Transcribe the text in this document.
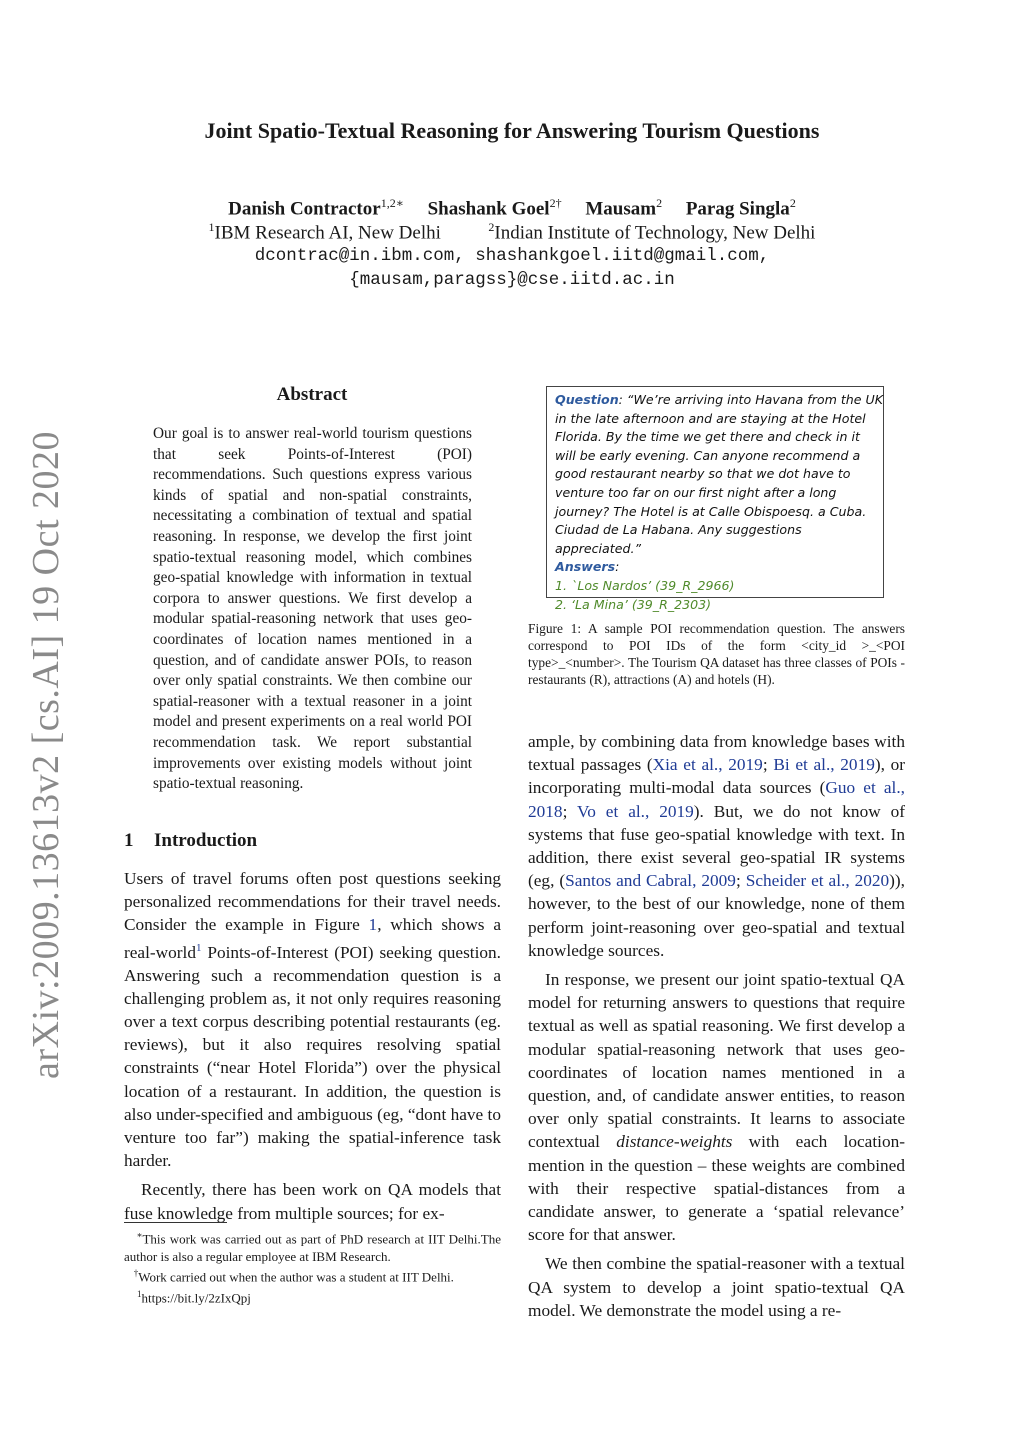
arXiv:2009.13613v2 [cs.AI] 19 Oct 2020
Joint Spatio-Textual Reasoning for Answering Tourism Questions
Danish Contractor$^{1,2∗}$ Shashank Goel$^{2\dagger}$ Mausam$^2$ Parag Singla$^2$
$^1$IBM Research AI, New Delhi	$^2$Indian Institute of Technology, New Delhi
dcontrac@in.ibm.com, shashankgoel.iitd@gmail.com,
{mausam,paragss}@cse.iitd.ac.in
Abstract
Our goal is to answer real-world tourism questions that seek Points-of-Interest (POI) recommendations. Such questions express various kinds of spatial and non-spatial constraints, necessitating a combination of textual and spatial reasoning. In response, we develop the first joint spatio-textual reasoning model, which combines geo-spatial knowledge with information in textual corpora to answer questions. We first develop a modular spatial-reasoning network that uses geo-coordinates of location names mentioned in a question, and of candidate answer POIs, to reason over only spatial constraints. We then combine our spatial-reasoner with a textual reasoner in a joint model and present experiments on a real world POI recommendation task. We report substantial improvements over existing models without joint spatio-textual reasoning.
1 Introduction

Users of travel forums often post questions seeking personalized recommendations for their travel needs. Consider the example in Figure 1, which shows a real-world$^1$ Points-of-Interest (POI) seeking question. Answering such a recommendation question is a challenging problem as, it not only requires reasoning over a text corpus describing potential restaurants (eg. reviews), but it also requires resolving spatial constraints (“near Hotel Florida”) over the physical location of a restaurant. In addition, the question is also under-specified and ambiguous (eg, “dont have to venture too far”) making the spatial-inference task harder.

Recently, there has been work on QA models that fuse knowledge from multiple sources; for ex-

∗This work was carried out as part of PhD research at IIT Delhi.The author is also a regular employee at IBM Research.
†Work carried out when the author was a student at IIT Delhi.
$^1$https://bit.ly/2zIxQpj
Question: “We’re arriving into Havana from the UK in the late afternoon and are staying at the Hotel Florida. By the time we get there and check in it will be early evening. Can anyone recommend a good restaurant nearby so that we dot have to venture too far on our first night after a long journey? The Hotel is at Calle Obispoesq. a Cuba. Ciudad de La Habana. Any suggestions appreciated.”
Answers:
1. `Los Nardos’ (39_R_2966)
2. ‘La Mina’ (39_R_2303)
Figure 1: A sample POI recommendation question. The answers correspond to POI IDs of the form <city_id >_<POI type>_<number>. The Tourism QA dataset has three classes of POIs - restaurants (R), attractions (A) and hotels (H).

ample, by combining data from knowledge bases with textual passages (Xia et al., 2019; Bi et al., 2019), or incorporating multi-modal data sources (Guo et al., 2018; Vo et al., 2019). But, we do not know of systems that fuse geo-spatial knowledge with text. In addition, there exist several geo-spatial IR systems (eg, (Santos and Cabral, 2009; Scheider et al., 2020)), however, to the best of our knowledge, none of them perform joint-reasoning over geo-spatial and textual knowledge sources.

In response, we present our joint spatio-textual QA model for returning answers to questions that require textual as well as spatial reasoning. We first develop a modular spatial-reasoning network that uses geo-coordinates of location names mentioned in a question, and, of candidate answer entities, to reason over only spatial constraints. It learns to associate contextual distance-weights with each location-mention in the question – these weights are combined with their respective spatial-distances from a candidate answer, to generate a ‘spatial relevance’ score for that answer.

We then combine the spatial-reasoner with a textual QA system to develop a joint spatio-textual QA model. We demonstrate the model using a re-
